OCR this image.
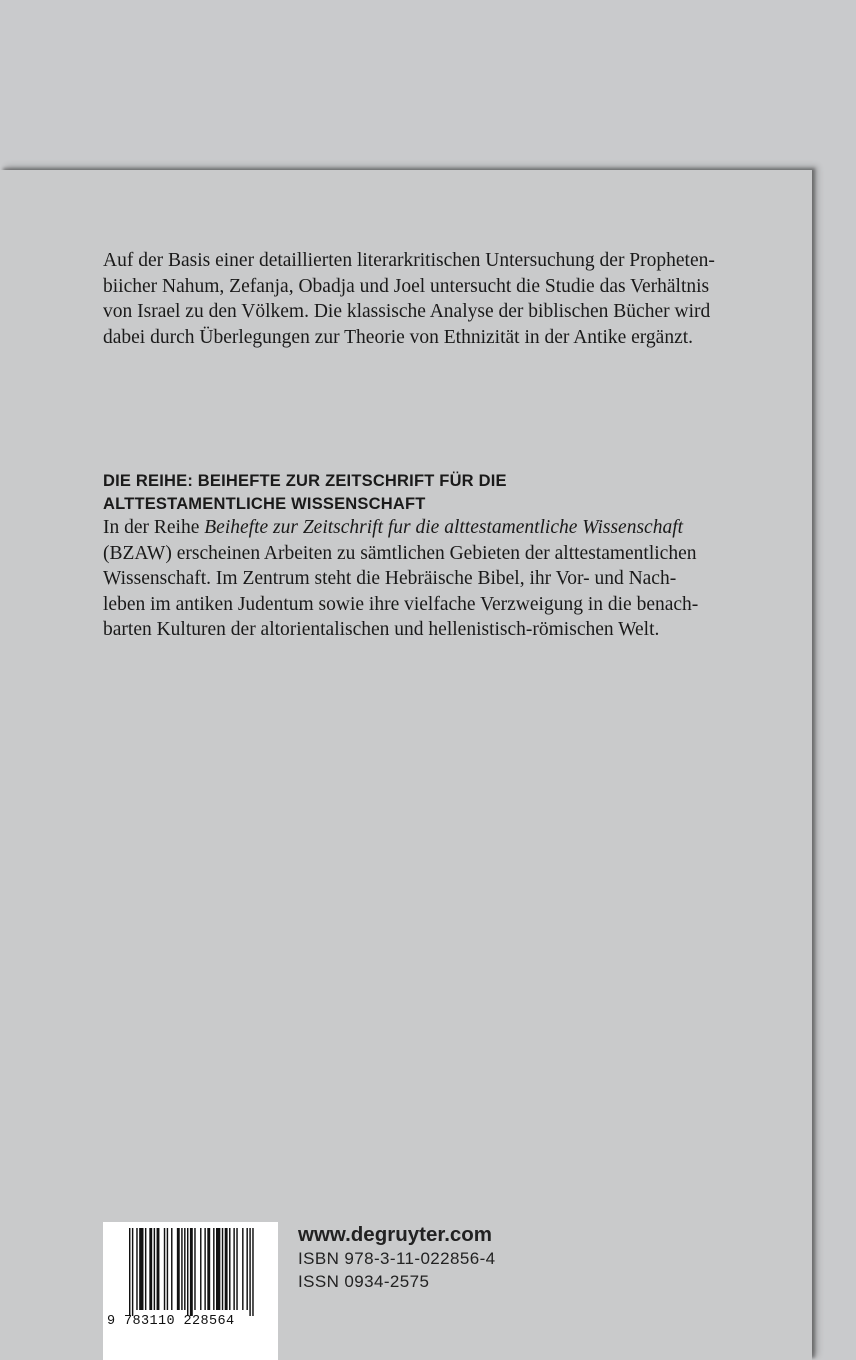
Auf der Basis einer detaillierten literarkritischen Untersuchung der Propheten-
biicher Nahum, Zefanja, Obadja und Joel untersucht die Studie das Verhältnis
von Israel zu den Völkem. Die klassische Analyse der biblischen Bücher wird
dabei durch Überlegungen zur Theorie von Ethnizität in der Antike ergänzt.
DIE REIHE: BEIHEFTE ZUR ZEITSCHRIFT FÜR DIE
ALTTESTAMENTLICHE WISSENSCHAFT
In der Reihe Beihefte zur Zeitschrift fur die alttestamentliche Wissenschaft
(BZAW) erscheinen Arbeiten zu sämtlichen Gebieten der alttestamentlichen
Wissenschaft. Im Zentrum steht die Hebräische Bibel, ihr Vor- und Nach-
leben im antiken Judentum sowie ihre vielfache Verzweigung in die benach-
barten Kulturen der altorientalischen und hellenistisch-römischen Welt.
9 783110 228564
www.degruyter.com
ISBN 978-3-11-022856-4
ISSN 0934-2575
